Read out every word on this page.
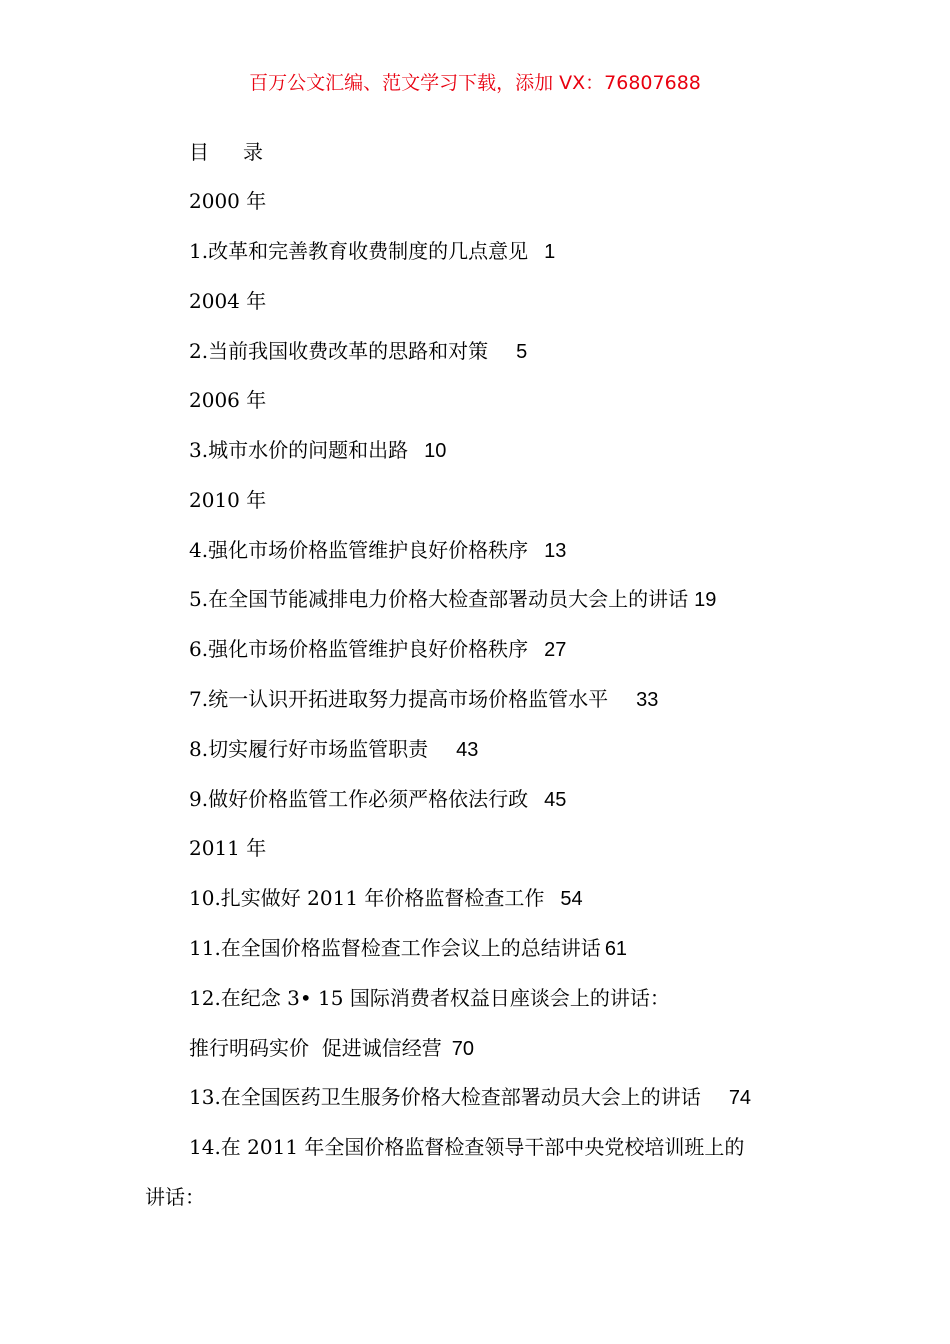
百万公文汇编、范文学习下载，添加 VX：76807688
目 录
2000 年
1.改革和完善教育收费制度的几点意见 1
2004 年
2.当前我国收费改革的思路和对策 5
2006 年
3.城市水价的问题和出路 10
2010 年
4.强化市场价格监管维护良好价格秩序 13
5.在全国节能减排电力价格大检查部署动员大会上的讲话 19
6.强化市场价格监管维护良好价格秩序 27
7.统一认识开拓进取努力提高市场价格监管水平 33
8.切实履行好市场监管职责 43
9.做好价格监管工作必须严格依法行政 45
2011 年
10.扎实做好 2011 年价格监督检查工作 54
11.在全国价格监督检查工作会议上的总结讲话 61
12.在纪念 3• 15 国际消费者权益日座谈会上的讲话：
推行明码实价  促进诚信经营 70
13.在全国医药卫生服务价格大检查部署动员大会上的讲话 74
14.在 2011 年全国价格监督检查领导干部中央党校培训班上的
讲话：
